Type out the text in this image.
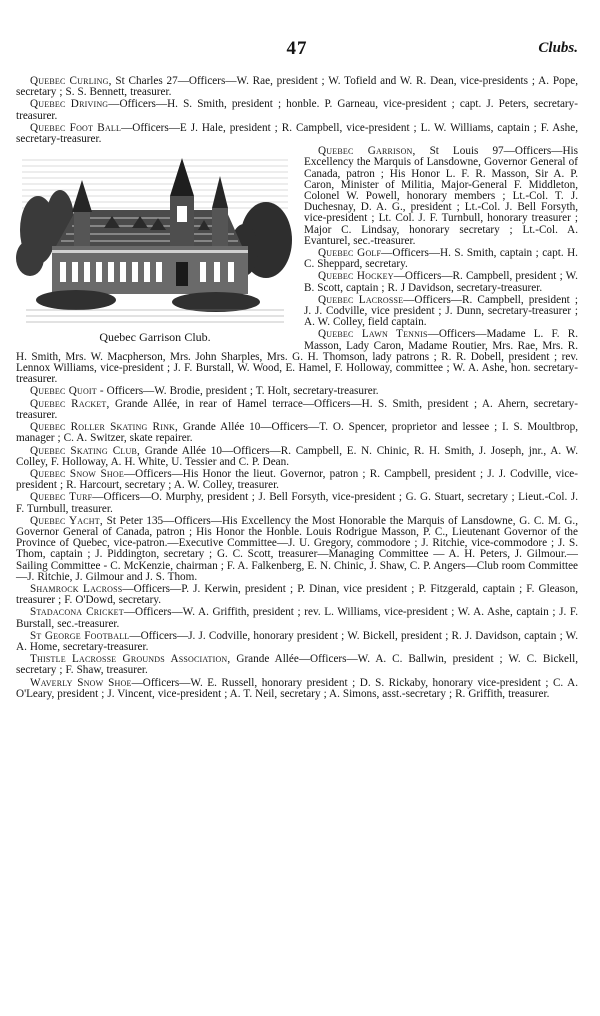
47	Clubs.

Quebec Curling, St Charles 27—Officers—W. Rae, president ; W. Tofield and W. R. Dean, vice-presidents ; A. Pope, secretary ; S. S. Bennett, treasurer.

Quebec Driving—Officers—H. S. Smith, president ; honble. P. Garneau, vice-president ; capt. J. Peters, secretary-treasurer.

Quebec Foot Ball—Officers—E J. Hale, president ; R. Campbell, vice-president ; L. W. Williams, captain ; F. Ashe, secretary-treasurer.

Quebec Garrison Club.

Quebec Garrison, St Louis 97—Officers—His Excellency the Marquis of Lansdowne, Governor General of Canada, patron ; His Honor L. F. R. Masson, Sir A. P. Caron, Minister of Militia, Major-General F. Middleton, Colonel W. Powell, honorary members ; Lt.-Col. T. J. Duchesnay, D. A. G., president ; Lt.-Col. J. Bell Forsyth, vice-president ; Lt. Col. J. F. Turnbull, honorary treasurer ; Major C. Lindsay, honorary secretary ; Lt.-Col. A. Evanturel, sec.-treasurer.

Quebec Golf—Officers—H. S. Smith, captain ; capt. H. C. Sheppard, secretary.

Quebec Hockey—Officers—R. Campbell, president ; W. B. Scott, captain ; R. J Davidson, secretary-treasurer.

Quebec Lacrosse—Officers—R. Campbell, president ; J. J. Codville, vice president ; J. Dunn, secretary-treasurer ; A. W. Colley, field captain.

Quebec Lawn Tennis—Officers—Madame L. F. R. Masson, Lady Caron, Madame Routier, Mrs. Rae, Mrs. R. H. Smith, Mrs. W. Macpherson, Mrs. John Sharples, Mrs. G. H. Thomson, lady patrons ; R. R. Dobell, president ; rev. Lennox Williams, vice-president ; J. F. Burstall, W. Wood, E. Hamel, F. Holloway, committee ; W. A. Ashe, hon. secretary-treasurer.

Quebec Quoit - Officers—W. Brodie, president ; T. Holt, secretary-treasurer.

Quebec Racket, Grande Allée, in rear of Hamel terrace—Officers—H. S. Smith, president ; A. Ahern, secretary-treasurer.

Quebec Roller Skating Rink, Grande Allée 10—Officers—T. O. Spencer, proprietor and lessee ; I. S. Moultbrop, manager ; C. A. Switzer, skate repairer.

Quebec Skating Club, Grande Allée 10—Officers—R. Campbell, E. N. Chinic, R. H. Smith, J. Joseph, jnr., A. W. Colley, F. Holloway, A. H. White, U. Tessier and C. P. Dean.

Quebec Snow Shoe—Officers—His Honor the lieut. Governor, patron ; R. Campbell, president ; J. J. Codville, vice-president ; R. Harcourt, secretary ; A. W. Colley, treasurer.

Quebec Turf—Officers—O. Murphy, president ; J. Bell Forsyth, vice-president ; G. G. Stuart, secretary ; Lieut.-Col. J. F. Turnbull, treasurer.

Quebec Yacht, St Peter 135—Officers—His Excellency the Most Honorable the Marquis of Lansdowne, G. C. M. G., Governor General of Canada, patron ; His Honor the Honble. Louis Rodrigue Masson, P. C., Lieutenant Governor of the Province of Quebec, vice-patron.—Executive Committee—J. U. Gregory, commodore ; J. Ritchie, vice-commodore ; J. S. Thom, captain ; J. Piddington, secretary ; G. C. Scott, treasurer—Managing Committee — A. H. Peters, J. Gilmour.—Sailing Committee - C. McKenzie, chairman ; F. A. Falkenberg, E. N. Chinic, J. Shaw, C. P. Angers—Club room Committee—J. Ritchie, J. Gilmour and J. S. Thom.

Shamrock Lacross—Officers—P. J. Kerwin, president ; P. Dinan, vice president ; P. Fitzgerald, captain ; F. Gleason, treasurer ; F. O'Dowd, secretary.

Stadacona Cricket—Officers—W. A. Griffith, president ; rev. L. Williams, vice-president ; W. A. Ashe, captain ; J. F. Burstall, sec.-treasurer.

St George Football—Officers—J. J. Codville, honorary president ; W. Bickell, president ; R. J. Davidson, captain ; W. A. Home, secretary-treasurer.

Thistle Lacrosse Grounds Association, Grande Allée—Officers—W. A. C. Ballwin, president ; W. C. Bickell, secretary ; F. Shaw, treasurer.

Waverly Snow Shoe—Officers—W. E. Russell, honorary president ; D. S. Rickaby, honorary vice-president ; C. A. O'Leary, president ; J. Vincent, vice-president ; A. T. Neil, secretary ; A. Simons, asst.-secretary ; R. Griffith, treasurer.
